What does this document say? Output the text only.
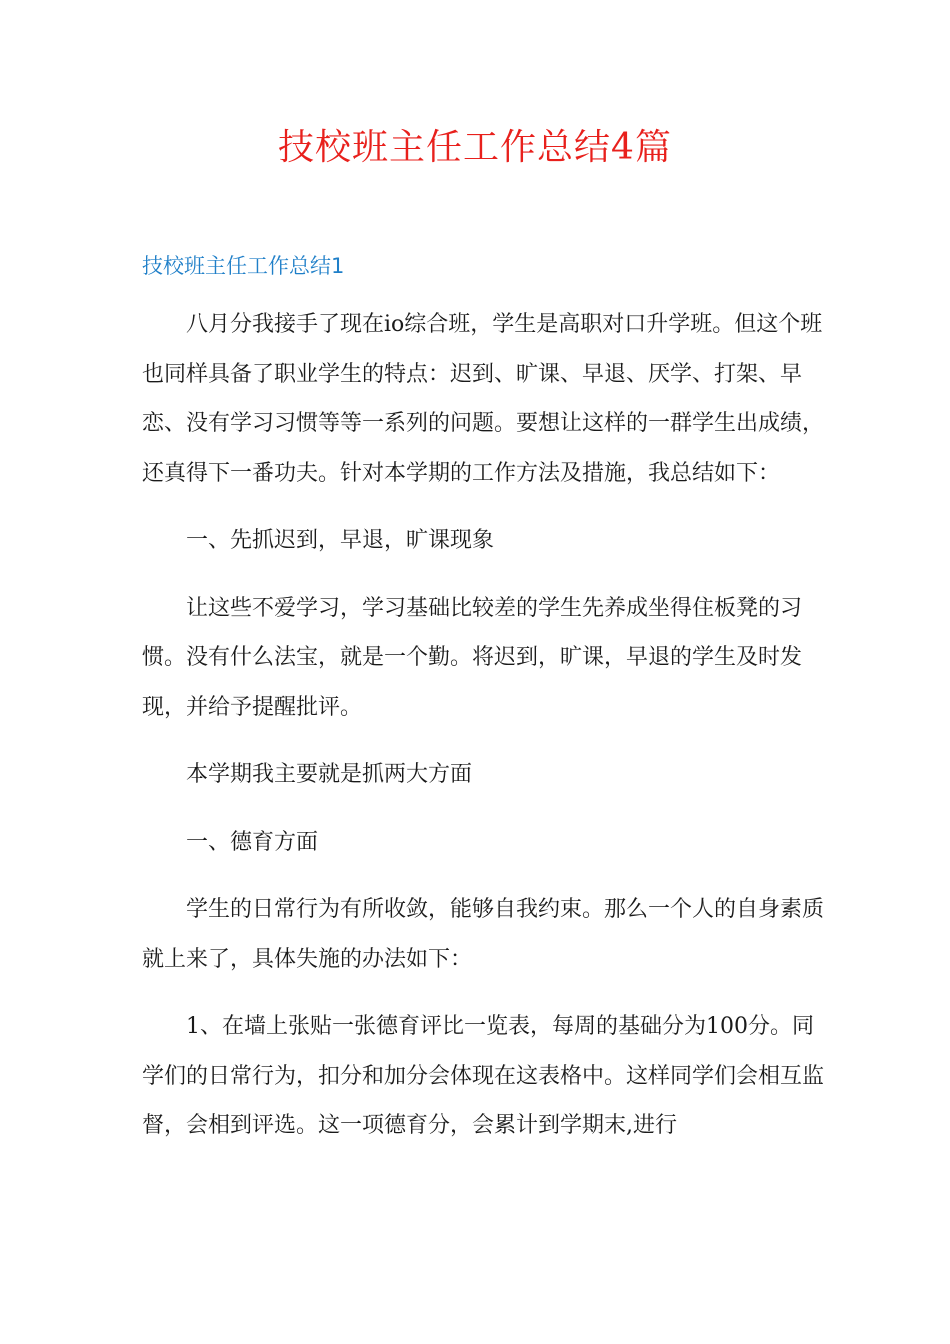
技校班主任工作总结4篇
技校班主任工作总结1

八月分我接手了现在io综合班，学生是高职对口升学班。但这个班也同样具备了职业学生的特点：迟到、旷课、早退、厌学、打架、早恋、没有学习习惯等等一系列的问题。要想让这样的一群学生出成绩，还真得下一番功夫。针对本学期的工作方法及措施，我总结如下：

一、先抓迟到，早退，旷课现象

让这些不爱学习，学习基础比较差的学生先养成坐得住板凳的习惯。没有什么法宝，就是一个勤。将迟到，旷课，早退的学生及时发现，并给予提醒批评。

本学期我主要就是抓两大方面

一、德育方面

学生的日常行为有所收敛，能够自我约束。那么一个人的自身素质就上来了，具体失施的办法如下：

1、在墙上张贴一张德育评比一览表，每周的基础分为100分。同学们的日常行为，扣分和加分会体现在这表格中。这样同学们会相互监督，会相到评选。这一项德育分，会累计到学期末,进行
